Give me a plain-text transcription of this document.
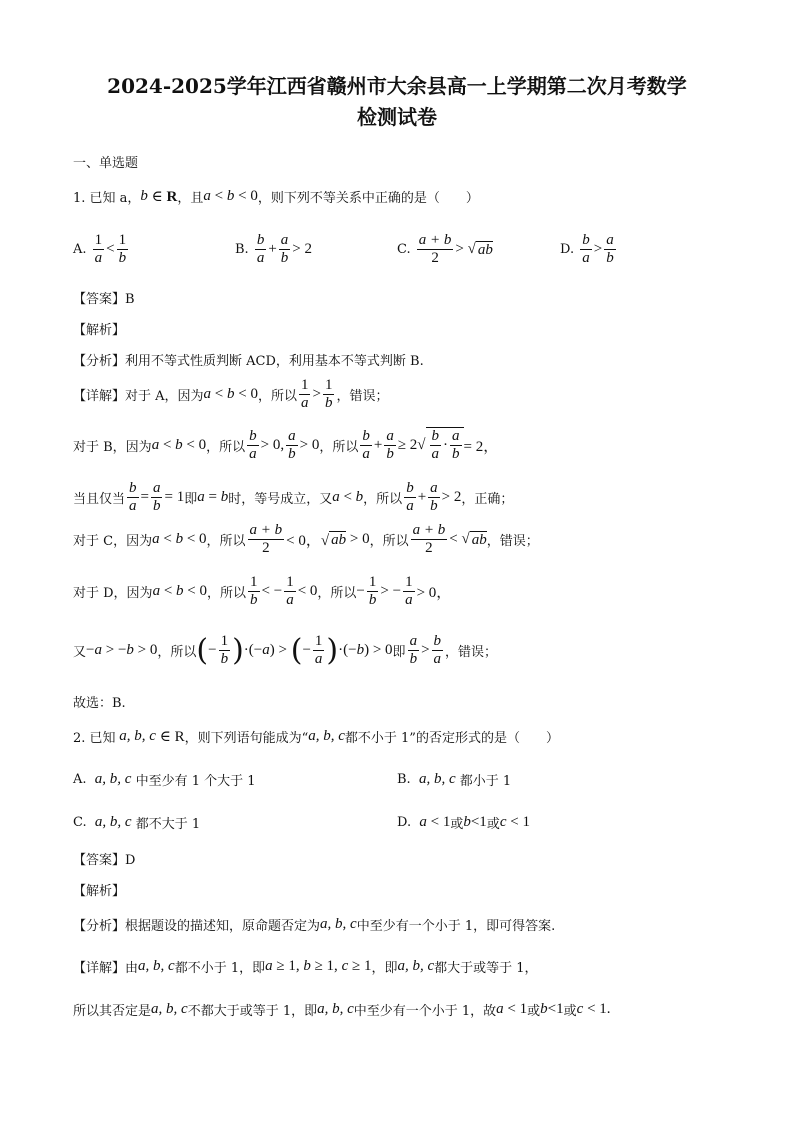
2024-2025学年江西省赣州市大余县高一上学期第二次月考数学
检测试卷
一、单选题
1. 已知 a， b ∈ R ，且 a < b < 0 ，则下列不等关系中正确的是（　　）
A.
$\frac{1}{a} < \frac{1}{b}$	B.
$\frac{b}{a} + \frac{a}{b} > 2$	C.
$\frac{a + b}{2}$ > √ ab	D.
$\frac{b}{a} > \frac{a}{b}$
【答案】B
【解析】
【分析】利用不等式性质判断 ACD，利用基本不等式判断 B.
【详解】对于 A，因为 a < b < 0 ，所以 $\frac{1}{a} > \frac{1}{b}$ ，错误；
对于 B，因为 a < b < 0 ，所以 $\frac{b}{a} > 0$, $\frac{a}{b} > 0$ ，所以 $\frac{b}{a} + \frac{a}{b} \ge 2√ \frac{b}{a} \cdot \frac{a}{b} = 2$，
当且仅当 $\frac{b}{a} = \frac{a}{b} = 1$ 即 a = b 时，等号成立，又 a < b ，所以 $\frac{b}{a} + \frac{a}{b} > 2$ ，正确；
对于 C，因为 a < b < 0 ，所以 $\frac{a + b}{2} < 0$，√ ab > 0 ，所以 $\frac{a + b}{2}$ < √ ab ，错误；
对于 D，因为 a < b < 0 ，所以 $\frac{1}{b}$ < − $\frac{1}{a} < 0$ ，所以 − $\frac{1}{b}$ > − $\frac{1}{a} > 0$，
又 − a > − b > 0 ，所以 ( − $\frac{1}{b}$ ) ·(− a ) > ( − $\frac{1}{a}$ ) ·(− b ) > 0 即 $\frac{a}{b} > \frac{b}{a}$ ，错误；
故选：B.
2. 已知 a, b, c ∈ R ，则下列语句能成为“ a, b, c 都不小于 1”的否定形式的是（　　）
A.
a, b, c
中至少有 1 个大于 1	B.
a, b, c
都小于 1
C.
a, b, c
都不大于 1	D.
a < 1 或 b <1 或 c < 1
【答案】D
【解析】
【分析】根据题设的描述知，原命题否定为 a, b, c 中至少有一个小于 1，即可得答案.
【详解】由 a, b, c 都不小于 1，即 a ≥ 1, b ≥ 1, c ≥ 1 ，即 a, b, c 都大于或等于 1，
所以其否定是 a, b, c 不都大于或等于 1，即 a, b, c 中至少有一个小于 1，故 a < 1 或 b <1 或 c < 1.
